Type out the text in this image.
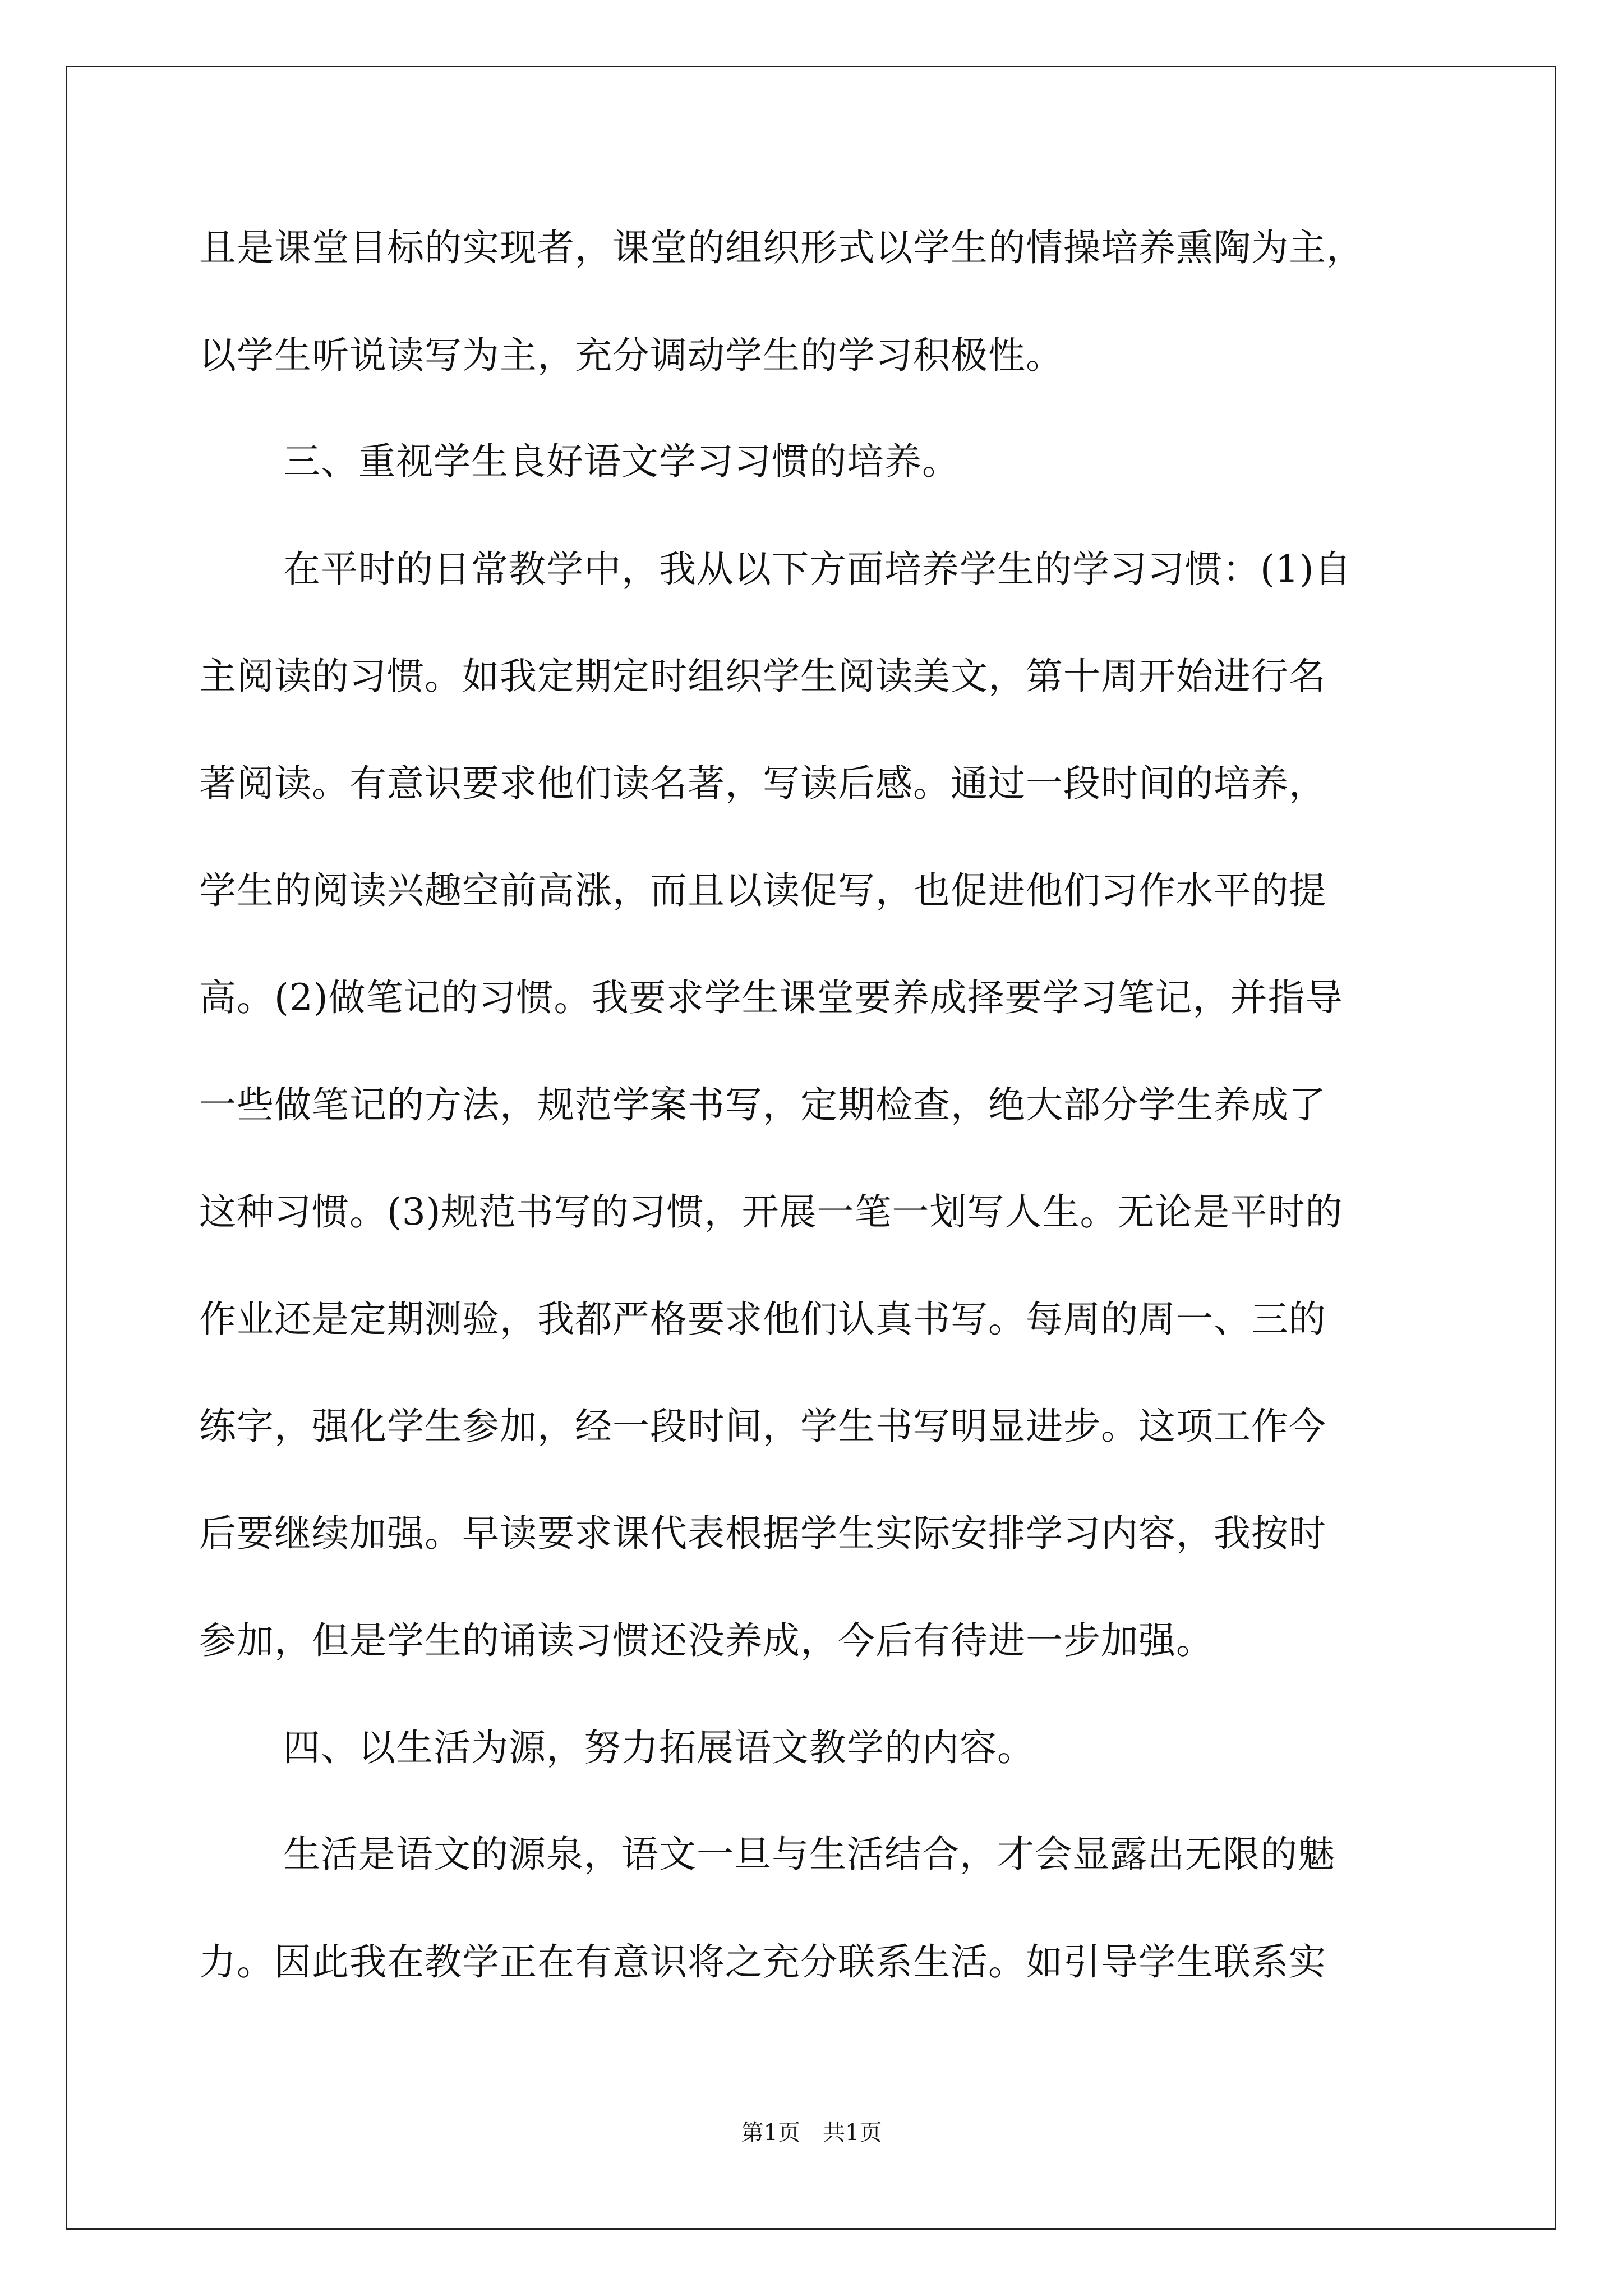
且是课堂目标的实现者，课堂的组织形式以学生的情操培养熏陶为主，
以学生听说读写为主，充分调动学生的学习积极性。
三、重视学生良好语文学习习惯的培养。
在平时的日常教学中，我从以下方面培养学生的学习习惯：(1)自
主阅读的习惯。如我定期定时组织学生阅读美文，第十周开始进行名
著阅读。有意识要求他们读名著，写读后感。通过一段时间的培养，
学生的阅读兴趣空前高涨，而且以读促写，也促进他们习作水平的提
高。(2)做笔记的习惯。我要求学生课堂要养成择要学习笔记，并指导
一些做笔记的方法，规范学案书写，定期检查，绝大部分学生养成了
这种习惯。(3)规范书写的习惯，开展一笔一划写人生。无论是平时的
作业还是定期测验，我都严格要求他们认真书写。每周的周一、三的
练字，强化学生参加，经一段时间，学生书写明显进步。这项工作今
后要继续加强。早读要求课代表根据学生实际安排学习内容，我按时
参加，但是学生的诵读习惯还没养成，今后有待进一步加强。
四、以生活为源，努力拓展语文教学的内容。
生活是语文的源泉，语文一旦与生活结合，才会显露出无限的魅
力。因此我在教学正在有意识将之充分联系生活。如引导学生联系实
第1页　共1页
